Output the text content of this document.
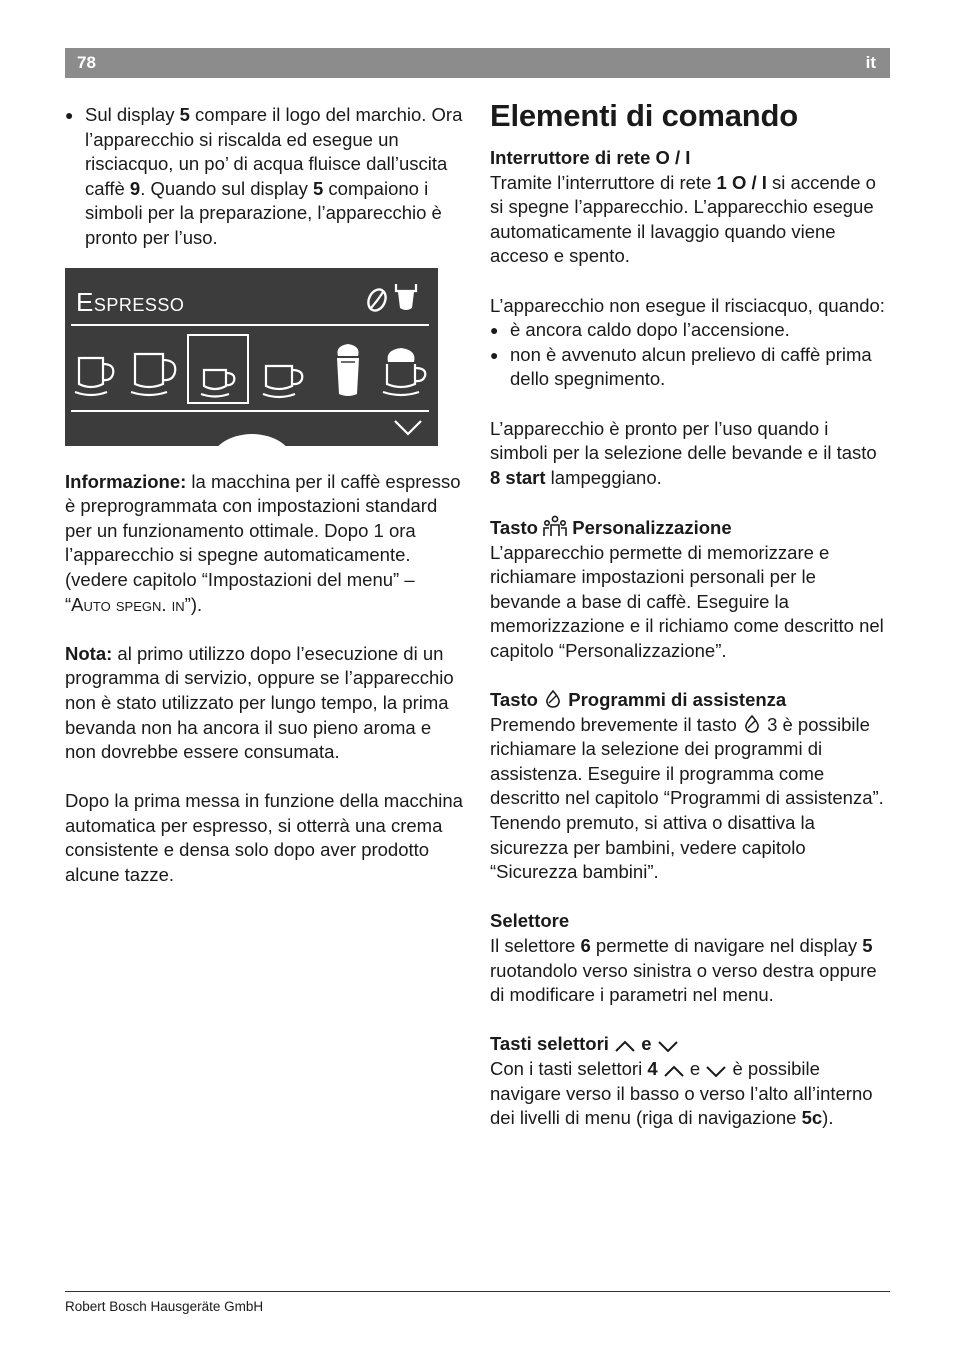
78	it

● Sul display 5 compare il logo del marchio. Ora l’apparecchio si riscalda ed esegue un risciacquo, un po’ di acqua fluisce dall’uscita caffè 9. Quando sul display 5 compaiono i simboli per la preparazione, l’apparecchio è pronto per l’uso.

Espresso

Informazione: la macchina per il caffè espresso è preprogrammata con impostazioni standard per un funzionamento ottimale. Dopo 1 ora l’apparecchio si spegne automaticamente. (vedere capitolo “Impostazioni del menu” – “Auto spegn. in”).

Nota: al primo utilizzo dopo l’esecuzione di un programma di servizio, oppure se l’apparecchio non è stato utilizzato per lungo tempo, la prima bevanda non ha ancora il suo pieno aroma e non dovrebbe essere consumata.

Dopo la prima messa in funzione della macchina automatica per espresso, si otterrà una crema consistente e densa solo dopo aver prodotto alcune tazze.

Elementi di comando

Interruttore di rete O / I

Tramite l’interruttore di rete 1 O / I si accende o si spegne l’apparecchio. L’apparecchio esegue automaticamente il lavaggio quando viene acceso e spento.

L’apparecchio non esegue il risciacquo, quando:

● è ancora caldo dopo l’accensione.

● non è avvenuto alcun prelievo di caffè prima dello spegnimento.

L’apparecchio è pronto per l’uso quando i simboli per la selezione delle bevande e il tasto 8 start lampeggiano.

Tasto  Personalizzazione

L’apparecchio permette di memorizzare e richiamare impostazioni personali per le bevande a base di caffè. Eseguire la memorizzazione e il richiamo come descritto nel capitolo “Personalizzazione”.

Tasto  Programmi di assistenza

Premendo brevemente il tasto  3 è possibile richiamare la selezione dei programmi di assistenza. Eseguire il programma come descritto nel capitolo “Programmi di assistenza”.

Tenendo premuto, si attiva o disattiva la sicurezza per bambini, vedere capitolo “Sicurezza bambini”.

Selettore

Il selettore 6 permette di navigare nel display 5 ruotandolo verso sinistra o verso destra oppure di modificare i parametri nel menu.

Tasti selettori  e

Con i tasti selettori 4  e  è possibile navigare verso il basso o verso l’alto all’interno dei livelli di menu (riga di navigazione 5c).

Robert Bosch Hausgeräte GmbH
